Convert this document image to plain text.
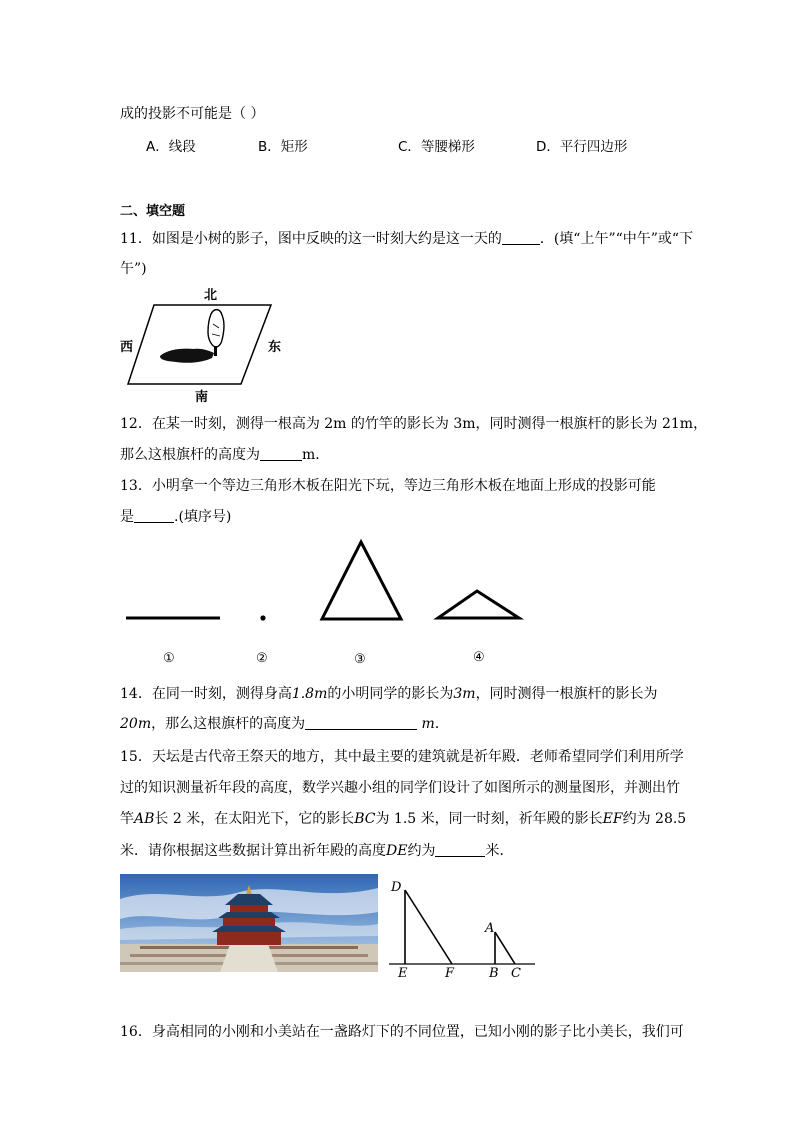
成的投影不可能是（ ）
A．线段	B．矩形	C．等腰梯形	D．平行四边形
二、填空题
11．如图是小树的影子，图中反映的这一时刻大约是这一天的	．(填“上午”“中午”或“下
午”)
北
南
西	东
12．在某一时刻，测得一根高为 2m 的竹竿的影长为 3m，同时测得一根旗杆的影长为 21m，
那么这根旗杆的高度为	m．
13．小明拿一个等边三角形木板在阳光下玩，等边三角形木板在地面上形成的投影可能
是	.(填序号)
①	②	③	④
14．在同一时刻，测得身高1.8m的小明同学的影长为3m，同时测得一根旗杆的影长为
20m，那么这根旗杆的高度为	m．
15．天坛是古代帝王祭天的地方，其中最主要的建筑就是祈年殿．老师希望同学们利用所学
过的知识测量祈年段的高度，数学兴趣小组的同学们设计了如图所示的测量图形，并测出竹
竿AB长 2 米，在太阳光下，它的影长BC为 1.5 米，同一时刻，祈年殿的影长EF约为 28.5
米．请你根据这些数据计算出祈年殿的高度DE约为	米．
D
E	F
A
B C
16．身高相同的小刚和小美站在一盏路灯下的不同位置，已知小刚的影子比小美长，我们可
